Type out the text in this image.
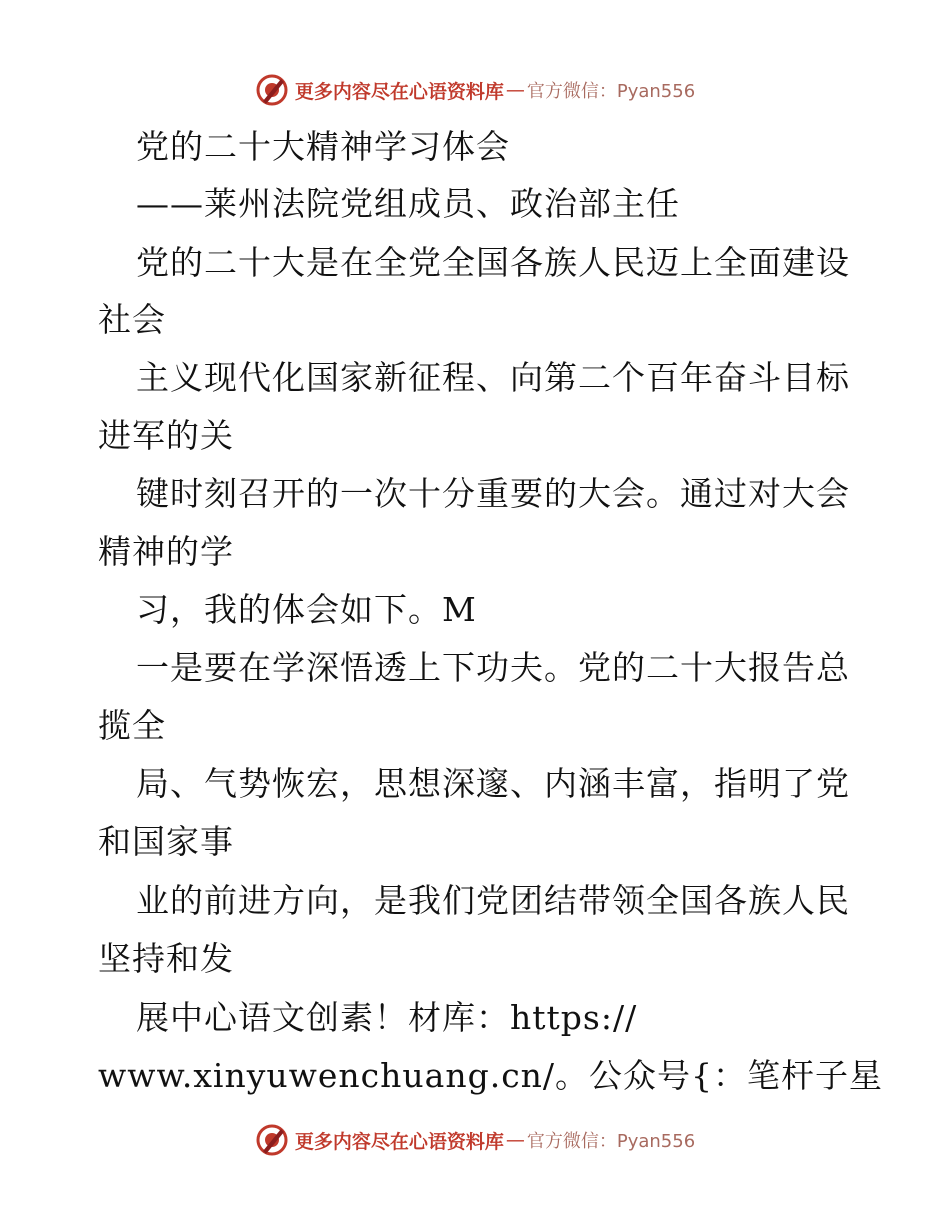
更多内容尽在心语资料库 — 官方微信：Pyan556
党的二十大精神学习体会
——莱州法院党组成员、政治部主任
党的二十大是在全党全国各族人民迈上全面建设
社会
主义现代化国家新征程、向第二个百年奋斗目标
进军的关
键时刻召开的一次十分重要的大会。通过对大会
精神的学
习，我的体会如下。M
一是要在学深悟透上下功夫。党的二十大报告总
揽全
局、气势恢宏，思想深邃、内涵丰富，指明了党
和国家事
业的前进方向，是我们党团结带领全国各族人民
坚持和发
展中心语文创素！材库：https://
www.xinyuwenchuang.cn/。公众号{：笔杆子星
更多内容尽在心语资料库 — 官方微信：Pyan556
